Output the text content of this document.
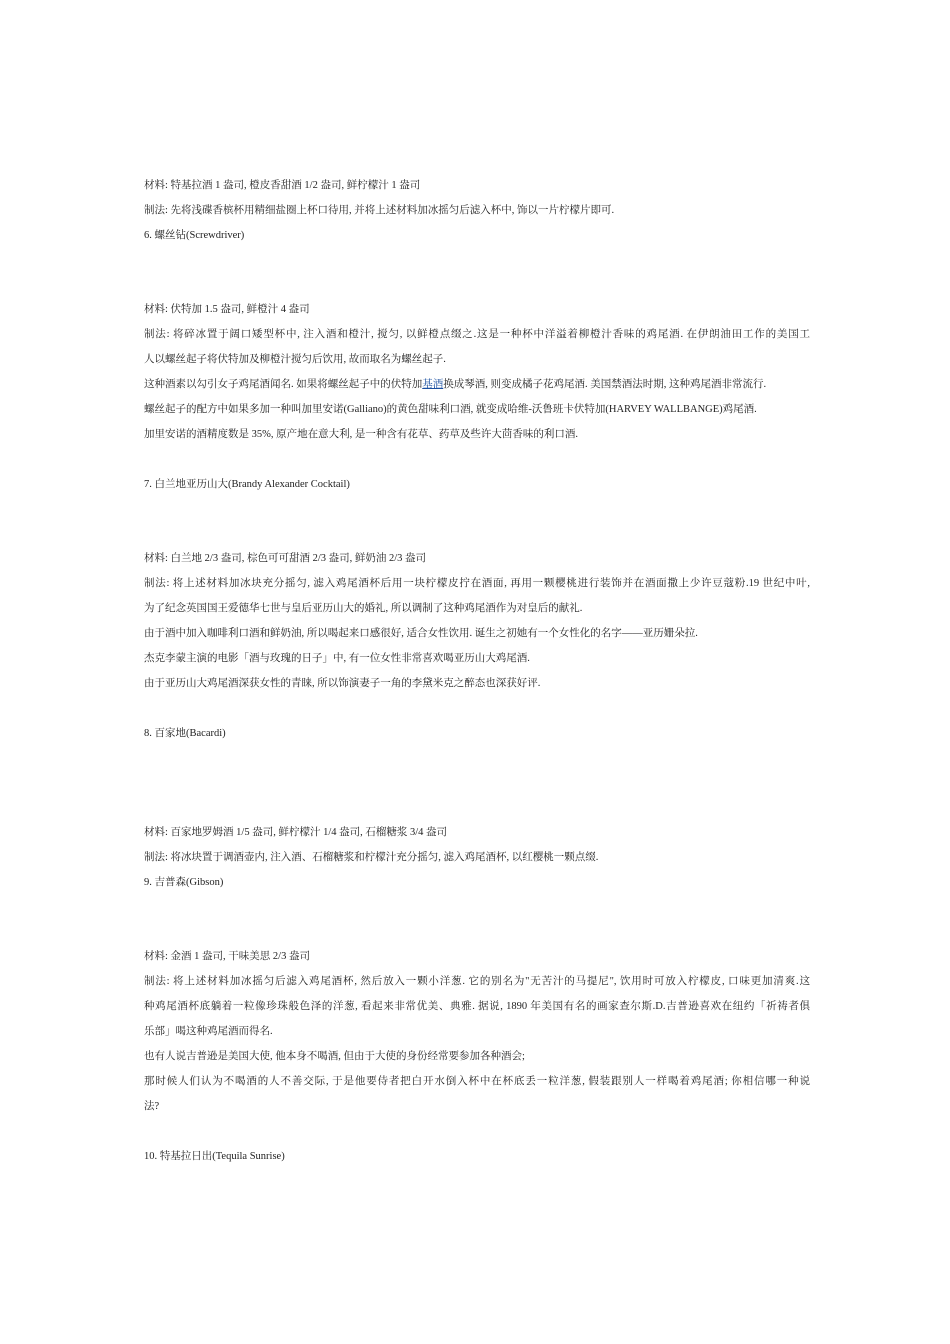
材料: 特基拉酒 1 盎司, 橙皮香甜酒 1/2 盎司, 鲜柠檬汁 1 盎司
制法: 先将浅碟香槟杯用精细盐圈上杯口待用, 并将上述材料加冰摇匀后滤入杯中, 饰以一片柠檬片即可.
6. 螺丝钻(Screwdriver)
材料: 伏特加 1.5 盎司, 鲜橙汁 4 盎司
制法: 将碎冰置于阔口矮型杯中, 注入酒和橙汁, 搅匀, 以鲜橙点缀之.这是一种杯中洋溢着柳橙汁香味的鸡尾酒. 在伊朗油田工作的美国工
人以螺丝起子将伏特加及柳橙汁搅匀后饮用, 故而取名为螺丝起子.
这种酒素以勾引女子鸡尾酒闻名. 如果将螺丝起子中的伏特加基酒换成琴酒, 则变成橘子花鸡尾酒. 美国禁酒法时期, 这种鸡尾酒非常流行.
螺丝起子的配方中如果多加一种叫加里安诺(Galliano)的黄色甜味利口酒, 就变成哈维-沃鲁班卡伏特加(HARVEY WALLBANGE)鸡尾酒.
加里安诺的酒精度数是 35%, 原产地在意大利, 是一种含有花草、药草及些许大茴香味的利口酒.
7. 白兰地亚历山大(Brandy Alexander Cocktail)
材料: 白兰地 2/3 盎司, 棕色可可甜酒 2/3 盎司, 鲜奶油 2/3 盎司
制法: 将上述材料加冰块充分摇匀, 滤入鸡尾酒杯后用一块柠檬皮拧在酒面, 再用一颗樱桃进行装饰并在酒面撒上少许豆蔻粉.19 世纪中叶,
为了纪念英国国王爱德华七世与皇后亚历山大的婚礼, 所以调制了这种鸡尾酒作为对皇后的献礼.
由于酒中加入咖啡利口酒和鲜奶油, 所以喝起来口感很好, 适合女性饮用. 诞生之初她有一个女性化的名字——亚历姗朵拉.
杰克李蒙主演的电影「酒与玫瑰的日子」中, 有一位女性非常喜欢喝亚历山大鸡尾酒.
由于亚历山大鸡尾酒深获女性的青睐, 所以饰演妻子一角的李黛米克之醉态也深获好评.
8. 百家地(Bacardi)
材料: 百家地罗姆酒 1/5 盎司, 鲜柠檬汁 1/4 盎司, 石榴糖浆 3/4 盎司
制法: 将冰块置于调酒壶内, 注入酒、石榴糖浆和柠檬汁充分摇匀, 滤入鸡尾酒杯, 以红樱桃一颗点缀.
9. 吉普森(Gibson)
材料: 金酒 1 盎司, 干味美思 2/3 盎司
制法: 将上述材料加冰摇匀后滤入鸡尾酒杯, 然后放入一颗小洋葱. 它的别名为"无苦汁的马提尼", 饮用时可放入柠檬皮, 口味更加清爽.这
种鸡尾酒杯底躺着一粒像珍珠般色泽的洋葱, 看起来非常优美、典雅. 据说, 1890 年美国有名的画家查尔斯.D.吉普逊喜欢在纽约「祈祷者俱
乐部」喝这种鸡尾酒而得名.
也有人说吉普逊是美国大使, 他本身不喝酒, 但由于大使的身份经常要参加各种酒会;
那时候人们认为不喝酒的人不善交际, 于是他要侍者把白开水倒入杯中在杯底丢一粒洋葱, 假装跟别人一样喝着鸡尾酒; 你相信哪一种说
法?
10. 特基拉日出(Tequila Sunrise)
